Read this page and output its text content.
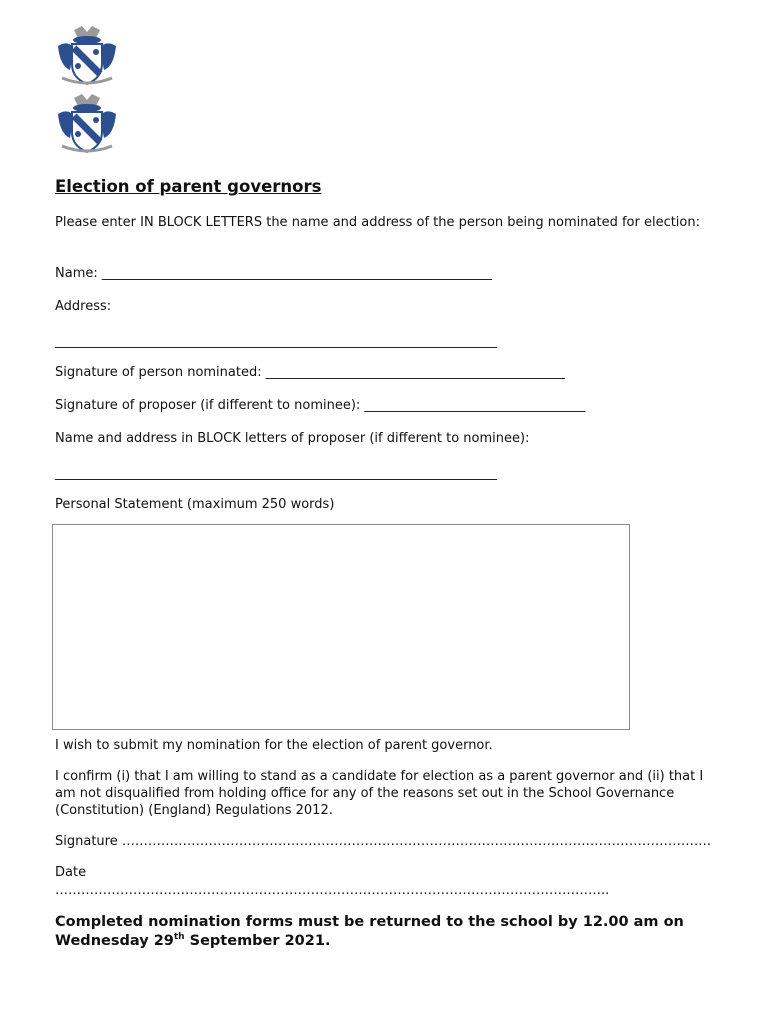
Election of parent governors
Please enter IN BLOCK LETTERS the name and address of the person being nominated for election:
Name: ____________________________________________________________
Address:
____________________________________________________________________
Signature of person nominated: ______________________________________________
Signature of proposer (if different to nominee): __________________________________
Name and address in BLOCK letters of proposer (if different to nominee):
____________________________________________________________________
Personal Statement (maximum 250 words)
I wish to submit my nomination for the election of parent governor.
I confirm (i) that I am willing to stand as a candidate for election as a parent governor and (ii) that I am not disqualified from holding office for any of the reasons set out in the School Governance (Constitution) (England) Regulations 2012.
Signature ……………………………………………………………………………………………………………………….
Date
………………………………………………………………………………………………………………..
Completed nomination forms must be returned to the school by 12.00 am on Wednesday 29th September 2021.
